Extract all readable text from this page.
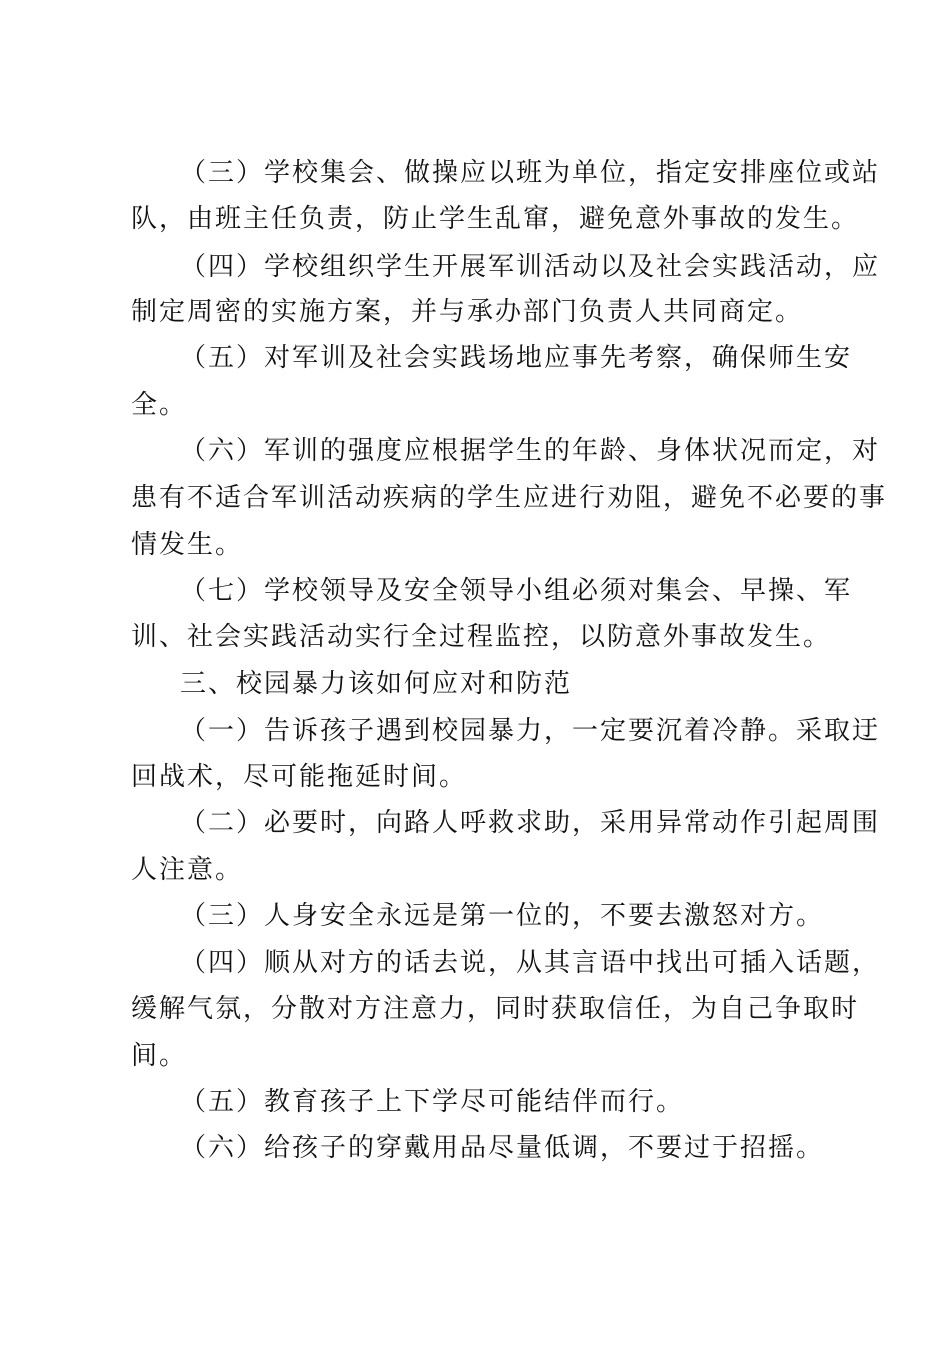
（三）学校集会、做操应以班为单位，指定安排座位或站

队，由班主任负责，防止学生乱窜，避免意外事故的发生。

（四）学校组织学生开展军训活动以及社会实践活动，应

制定周密的实施方案，并与承办部门负责人共同商定。

（五）对军训及社会实践场地应事先考察，确保师生安

全。

（六）军训的强度应根据学生的年龄、身体状况而定，对

患有不适合军训活动疾病的学生应进行劝阻，避免不必要的事

情发生。

（七）学校领导及安全领导小组必须对集会、早操、军

训、社会实践活动实行全过程监控，以防意外事故发生。

三、校园暴力该如何应对和防范

（一）告诉孩子遇到校园暴力，一定要沉着冷静。采取迂

回战术，尽可能拖延时间。

（二）必要时，向路人呼救求助，采用异常动作引起周围

人注意。

（三）人身安全永远是第一位的，不要去激怒对方。

（四）顺从对方的话去说，从其言语中找出可插入话题，

缓解气氛，分散对方注意力，同时获取信任，为自己争取时

间。

（五）教育孩子上下学尽可能结伴而行。

（六）给孩子的穿戴用品尽量低调，不要过于招摇。
